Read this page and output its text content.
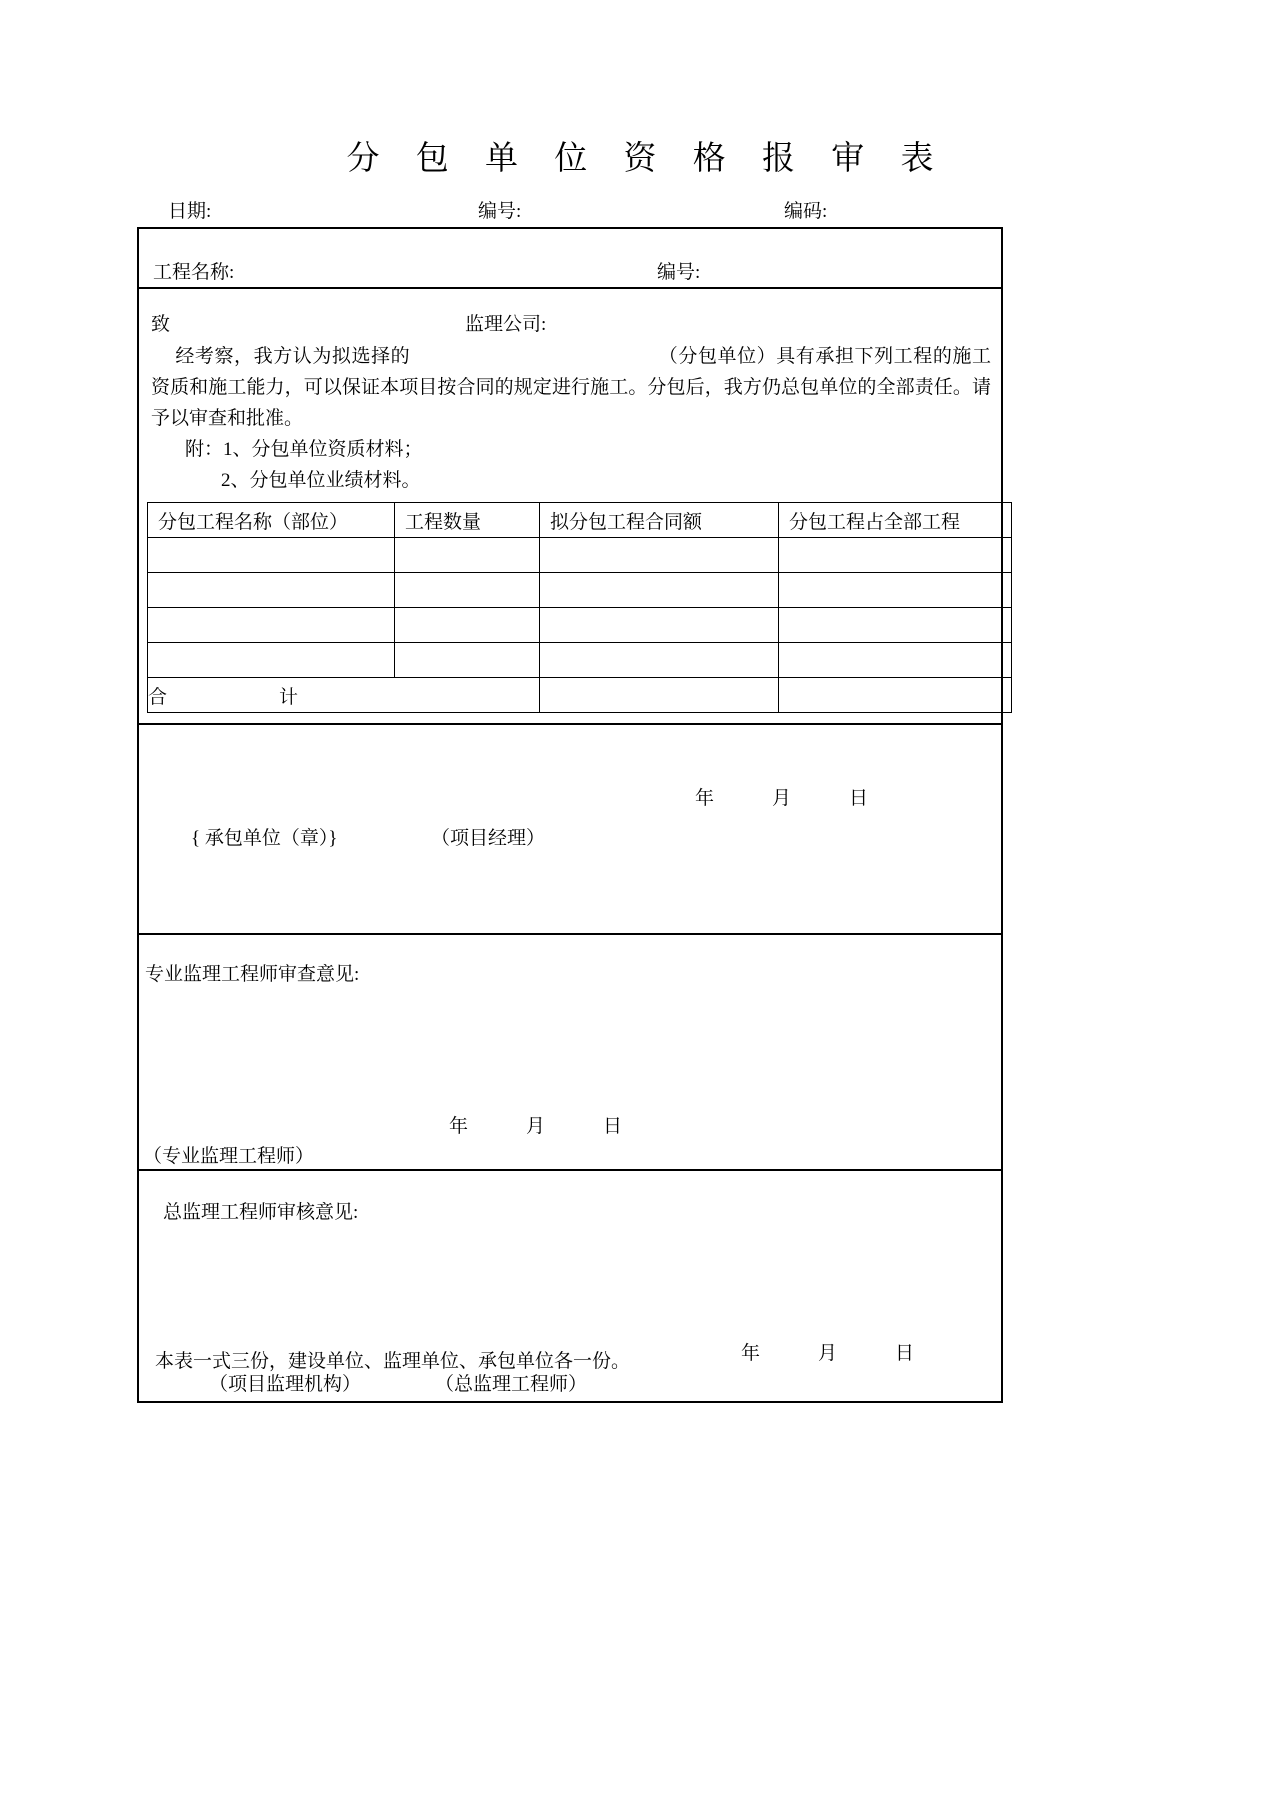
分 包 单 位 资 格 报 审 表
日期:	编号:	编码:
工程名称:	编号:
致	监理公司:

经考察，我方认为拟选择的	（分包单位）具有承担下列工程的施工资质和施工能力，可以保证本项目按合同的规定进行施工。分包后，我方仍总包单位的全部责任。请予以审查和批准。

附：1、分包单位资质材料；
2、分包单位业绩材料。
分包工程名称（部位）	工程数量	拟分包工程合同额	分包工程占全部工程

合 计			
年	月	日
{ 承包单位（章）}	（项目经理）
专业监理工程师审查意见:
年	月	日
（专业监理工程师）
总监理工程师审核意见:
年	月	日
（项目监理机构）	（总监理工程师）
本表一式三份，建设单位、监理单位、承包单位各一份。
